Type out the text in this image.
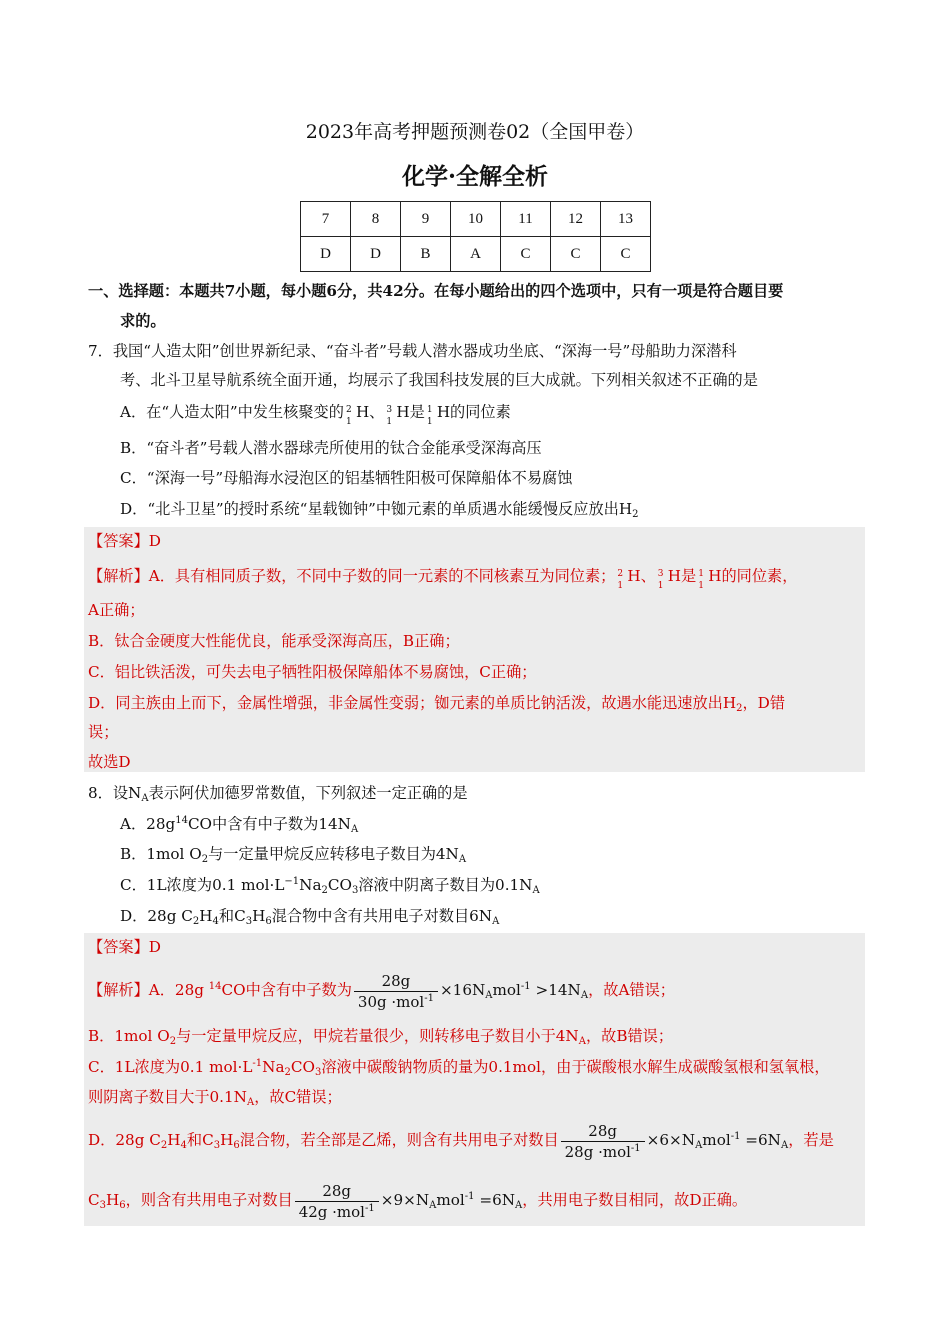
2023年高考押题预测卷02（全国甲卷）
化学·全解全析
7	8	9	10	11	12	13
D	D	B	A	C	C	C
一、选择题：本题共7小题，每小题6分，共42分。在每小题给出的四个选项中，只有一项是符合题目要
求的。
7．我国“人造太阳”创世界新纪录、“奋斗者”号载人潜水器成功坐底、“深海一号”母船助力深潜科
考、北斗卫星导航系统全面开通，均展示了我国科技发展的巨大成就。下列相关叙述不正确的是
A．在“人造太阳”中发生核聚变的 2
1
H、 3
1
H是 1
1
H的同位素
B．“奋斗者”号载人潜水器球壳所使用的钛合金能承受深海高压
C．“深海一号”母船海水浸泡区的铝基牺牲阳极可保障船体不易腐蚀
D．“北斗卫星”的授时系统“星载铷钟”中铷元素的单质遇水能缓慢反应放出$H_2$
【答案】D
【解析】A．具有相同质子数，不同中子数的同一元素的不同核素互为同位素； 2
1
H、 3
1
H是 1
1
H的同位素，
A正确；
B．钛合金硬度大性能优良，能承受深海高压，B正确；
C．铝比铁活泼，可失去电子牺牲阳极保障船体不易腐蚀，C正确；
D．同主族由上而下，金属性增强，非金属性变弱；铷元素的单质比钠活泼，故遇水能迅速放出$H_2$，D错
误；
故选D
8．设$N_A$表示阿伏加德罗常数值，下列叙述一定正确的是
A．$28g^{14}CO$中含有中子数为$14N_A$
B．1mol $O_2$与一定量甲烷反应转移电子数目为$4N_A$
C．1L浓度为0.1 $mol\cdot L^{-1}Na_2CO_3$溶液中阴离子数目为$0.1N_A$
D．28g $C_2H_4$和$C_3H_6$混合物中含有共用电子对数目$6N_A$
【答案】D
【解析】A．28g $^{14}$CO中含有中子数为 $\frac{28g}{30g \cdot mol^{-1}} \times 16N_Amol^{-1} >14N_A$，故A错误；
B．1mol $O_2$与一定量甲烷反应，甲烷若量很少，则转移电子数目小于$4N_A$，故B错误；
C．1L浓度为0.1 $mol\cdot L^{-1}Na_2CO_3$溶液中碳酸钠物质的量为0.1mol，由于碳酸根水解生成碳酸氢根和氢氧根，
则阴离子数目大于$0.1N_A$，故C错误；
D．28g $C_2H_4$和$C_3H_6$混合物，若全部是乙烯，则含有共用电子对数目 $\frac{28g}{28g \cdot mol^{-1}} \times 6\times N_Amol^{-1} =6N_A$，若是
$C_3H_6$，则含有共用电子对数目 $\frac{28g}{42g \cdot mol^{-1}} \times 9\times N_Amol^{-1} =6N_A$，共用电子数目相同，故D正确。
